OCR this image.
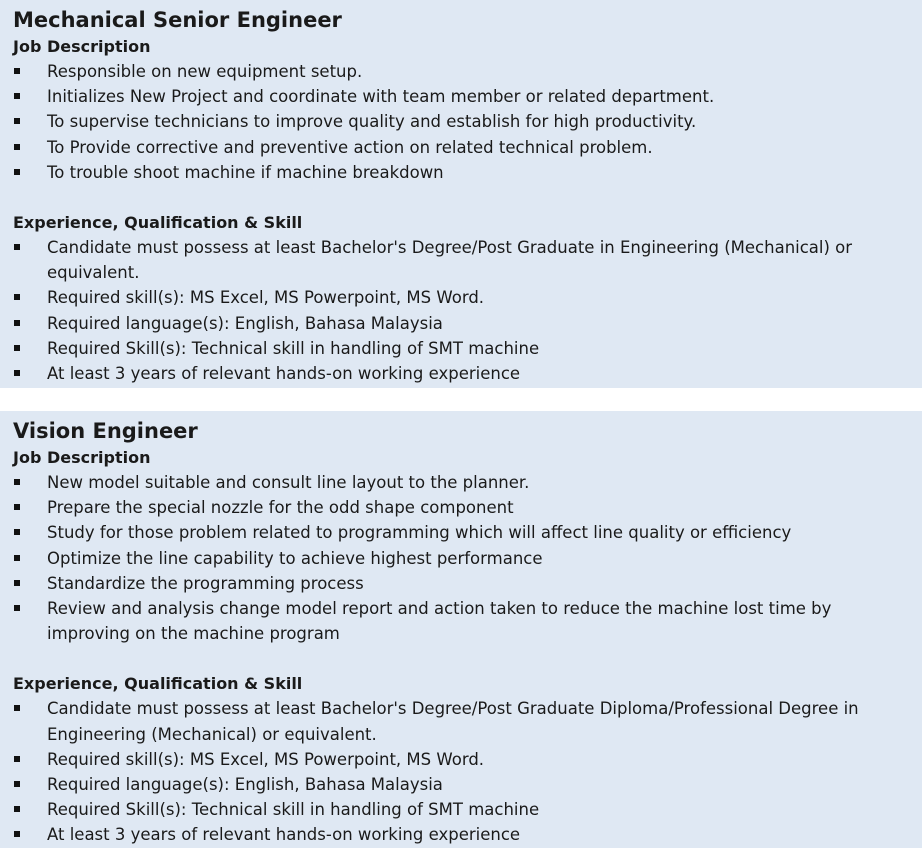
Mechanical Senior Engineer
Job Description
Responsible on new equipment setup.
Initializes New Project and coordinate with team member or related department.
To supervise technicians to improve quality and establish for high productivity.
To Provide corrective and preventive action on related technical problem.
To trouble shoot machine if machine breakdown
Experience, Qualification & Skill
Candidate must possess at least Bachelor's Degree/Post Graduate in Engineering (Mechanical) or equivalent.
Required skill(s): MS Excel, MS Powerpoint, MS Word.
Required language(s): English, Bahasa Malaysia
Required Skill(s): Technical skill in handling of SMT machine
At least 3 years of relevant hands-on working experience
Vision Engineer
Job Description
New model suitable and consult line layout to the planner.
Prepare the special nozzle for the odd shape component
Study for those problem related to programming which will affect line quality or efficiency
Optimize the line capability to achieve highest performance
Standardize the programming process
Review and analysis change model report and action taken to reduce the machine lost time by improving on the machine program
Experience, Qualification & Skill
Candidate must possess at least Bachelor's Degree/Post Graduate Diploma/Professional Degree in Engineering (Mechanical) or equivalent.
Required skill(s): MS Excel, MS Powerpoint, MS Word.
Required language(s): English, Bahasa Malaysia
Required Skill(s): Technical skill in handling of SMT machine
At least 3 years of relevant hands-on working experience
